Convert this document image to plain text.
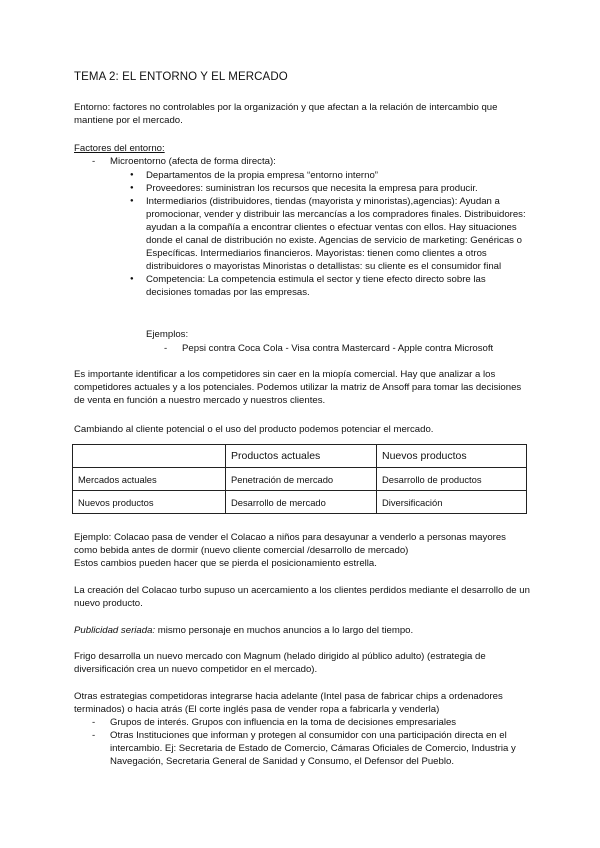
TEMA 2: EL ENTORNO Y EL MERCADO

Entorno: factores no controlables por la organización y que afectan a la relación de intercambio que mantiene por el mercado.

Factores del entorno:

- Microentorno (afecta de forma directa):
● Departamentos de la propia empresa “entorno interno”
● Proveedores: suministran los recursos que necesita la empresa para producir.
● Intermediarios (distribuidores, tiendas (mayorista y minoristas),agencias): Ayudan a promocionar, vender y distribuir las mercancías a los compradores finales. Distribuidores: ayudan a la compañía a encontrar clientes o efectuar ventas con ellos. Hay situaciones donde el canal de distribución no existe. Agencias de servicio de marketing: Genéricas o Específicas. Intermediarios financieros. Mayoristas: tienen como clientes a otros distribuidores o mayoristas Minoristas o detallistas: su cliente es el consumidor final
● Competencia: La competencia estimula el sector y tiene efecto directo sobre las decisiones tomadas por las empresas.

Ejemplos:

- Pepsi contra Coca Cola - Visa contra Mastercard - Apple contra Microsoft

Es importante identificar a los competidores sin caer en la miopía comercial. Hay que analizar a los competidores actuales y a los potenciales. Podemos utilizar la matriz de Ansoff para tomar las decisiones de venta en función a nuestro mercado y nuestros clientes.

Cambiando al cliente potencial o el uso del producto podemos potenciar el mercado.

	Productos actuales	Nuevos productos
Mercados actuales	Penetración de mercado	Desarrollo de productos
Nuevos productos	Desarrollo de mercado	Diversificación

Ejemplo: Colacao pasa de vender el Colacao a niños para desayunar a venderlo a personas mayores como bebida antes de dormir (nuevo cliente comercial /desarrollo de mercado)

Estos cambios pueden hacer que se pierda el posicionamiento estrella.

La creación del Colacao turbo supuso un acercamiento a los clientes perdidos mediante el desarrollo de un nuevo producto.

Publicidad seriada: mismo personaje en muchos anuncios a lo largo del tiempo.

Frigo desarrolla un nuevo mercado con Magnum (helado dirigido al público adulto) (estrategia de diversificación crea un nuevo competidor en el mercado).

Otras estrategias competidoras integrarse hacia adelante (Intel pasa de fabricar chips a ordenadores terminados) o hacia atrás (El corte inglés pasa de vender ropa a fabricarla y venderla)

- Grupos de interés. Grupos con influencia en la toma de decisiones empresariales
- Otras Instituciones que informan y protegen al consumidor con una participación directa en el intercambio. Ej: Secretaria de Estado de Comercio, Cámaras Oficiales de Comercio, Industria y Navegación, Secretaria General de Sanidad y Consumo, el Defensor del Pueblo.
